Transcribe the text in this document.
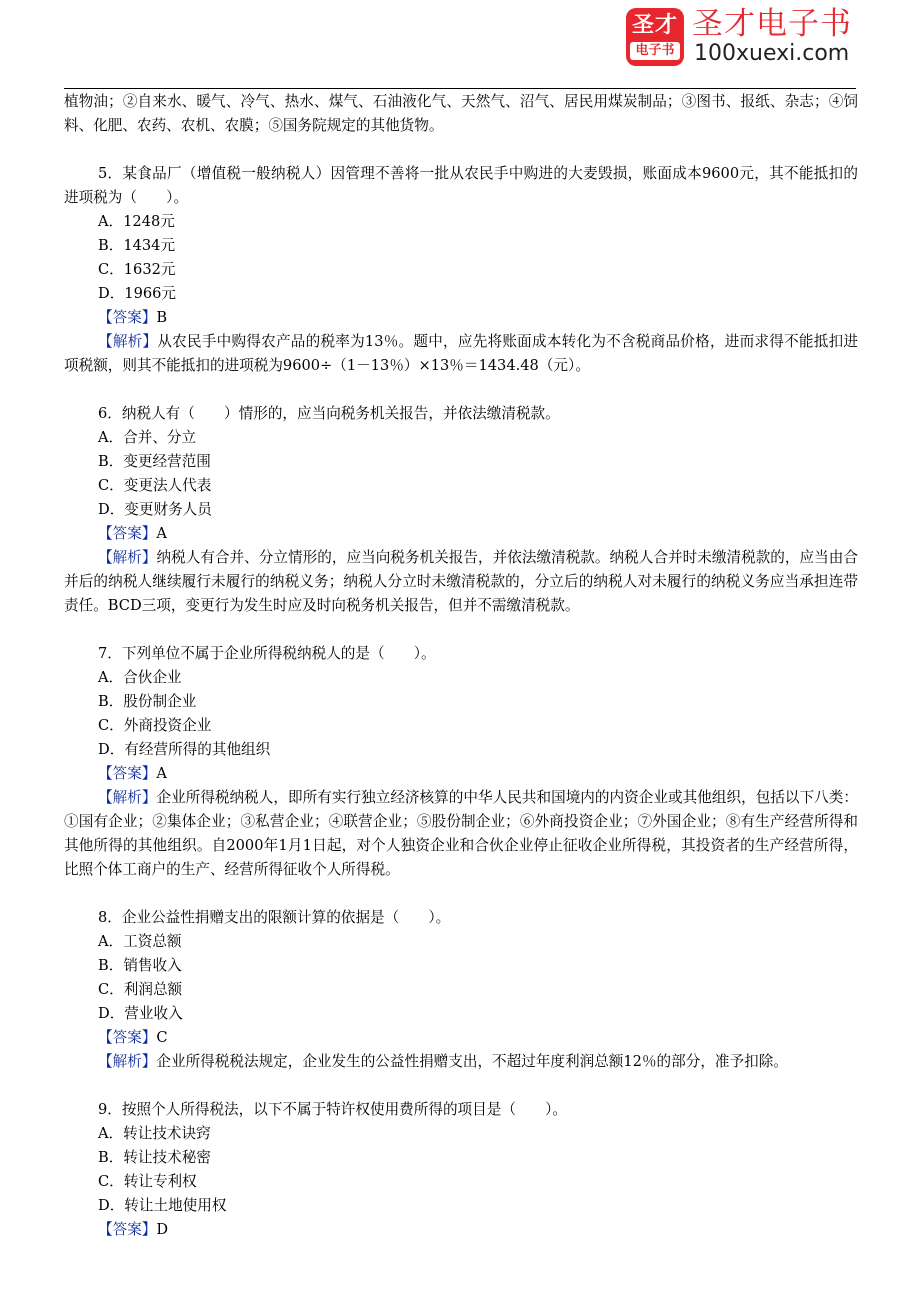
圣才
电子书
圣才电子书
100xuexi.com

植物油；②自来水、暖气、冷气、热水、煤气、石油液化气、天然气、沼气、居民用煤炭制品；③图书、报纸、杂志；④饲料、化肥、农药、农机、农膜；⑤国务院规定的其他货物。

5．某食品厂（增值税一般纳税人）因管理不善将一批从农民手中购进的大麦毁损，账面成本9600元，其不能抵扣的进项税为（　　）。

A．1248元

B．1434元

C．1632元

D．1966元

【答案】B

【解析】从农民手中购得农产品的税率为13％。题中，应先将账面成本转化为不含税商品价格，进而求得不能抵扣进项税额，则其不能抵扣的进项税为9600÷（1－13％）×13％＝1434.48（元）。

6．纳税人有（　　）情形的，应当向税务机关报告，并依法缴清税款。

A．合并、分立

B．变更经营范围

C．变更法人代表

D．变更财务人员

【答案】A

【解析】纳税人有合并、分立情形的，应当向税务机关报告，并依法缴清税款。纳税人合并时未缴清税款的，应当由合并后的纳税人继续履行未履行的纳税义务；纳税人分立时未缴清税款的，分立后的纳税人对未履行的纳税义务应当承担连带责任。BCD三项，变更行为发生时应及时向税务机关报告，但并不需缴清税款。

7．下列单位不属于企业所得税纳税人的是（　　）。

A．合伙企业

B．股份制企业

C．外商投资企业

D．有经营所得的其他组织

【答案】A

【解析】企业所得税纳税人，即所有实行独立经济核算的中华人民共和国境内的内资企业或其他组织，包括以下八类：①国有企业；②集体企业；③私营企业；④联营企业；⑤股份制企业；⑥外商投资企业；⑦外国企业；⑧有生产经营所得和其他所得的其他组织。自2000年1月1日起，对个人独资企业和合伙企业停止征收企业所得税，其投资者的生产经营所得，比照个体工商户的生产、经营所得征收个人所得税。

8．企业公益性捐赠支出的限额计算的依据是（　　）。

A．工资总额

B．销售收入

C．利润总额

D．营业收入

【答案】C

【解析】企业所得税税法规定，企业发生的公益性捐赠支出，不超过年度利润总额12％的部分，准予扣除。

9．按照个人所得税法，以下不属于特许权使用费所得的项目是（　　）。

A．转让技术诀窍

B．转让技术秘密

C．转让专利权

D．转让土地使用权

【答案】D
